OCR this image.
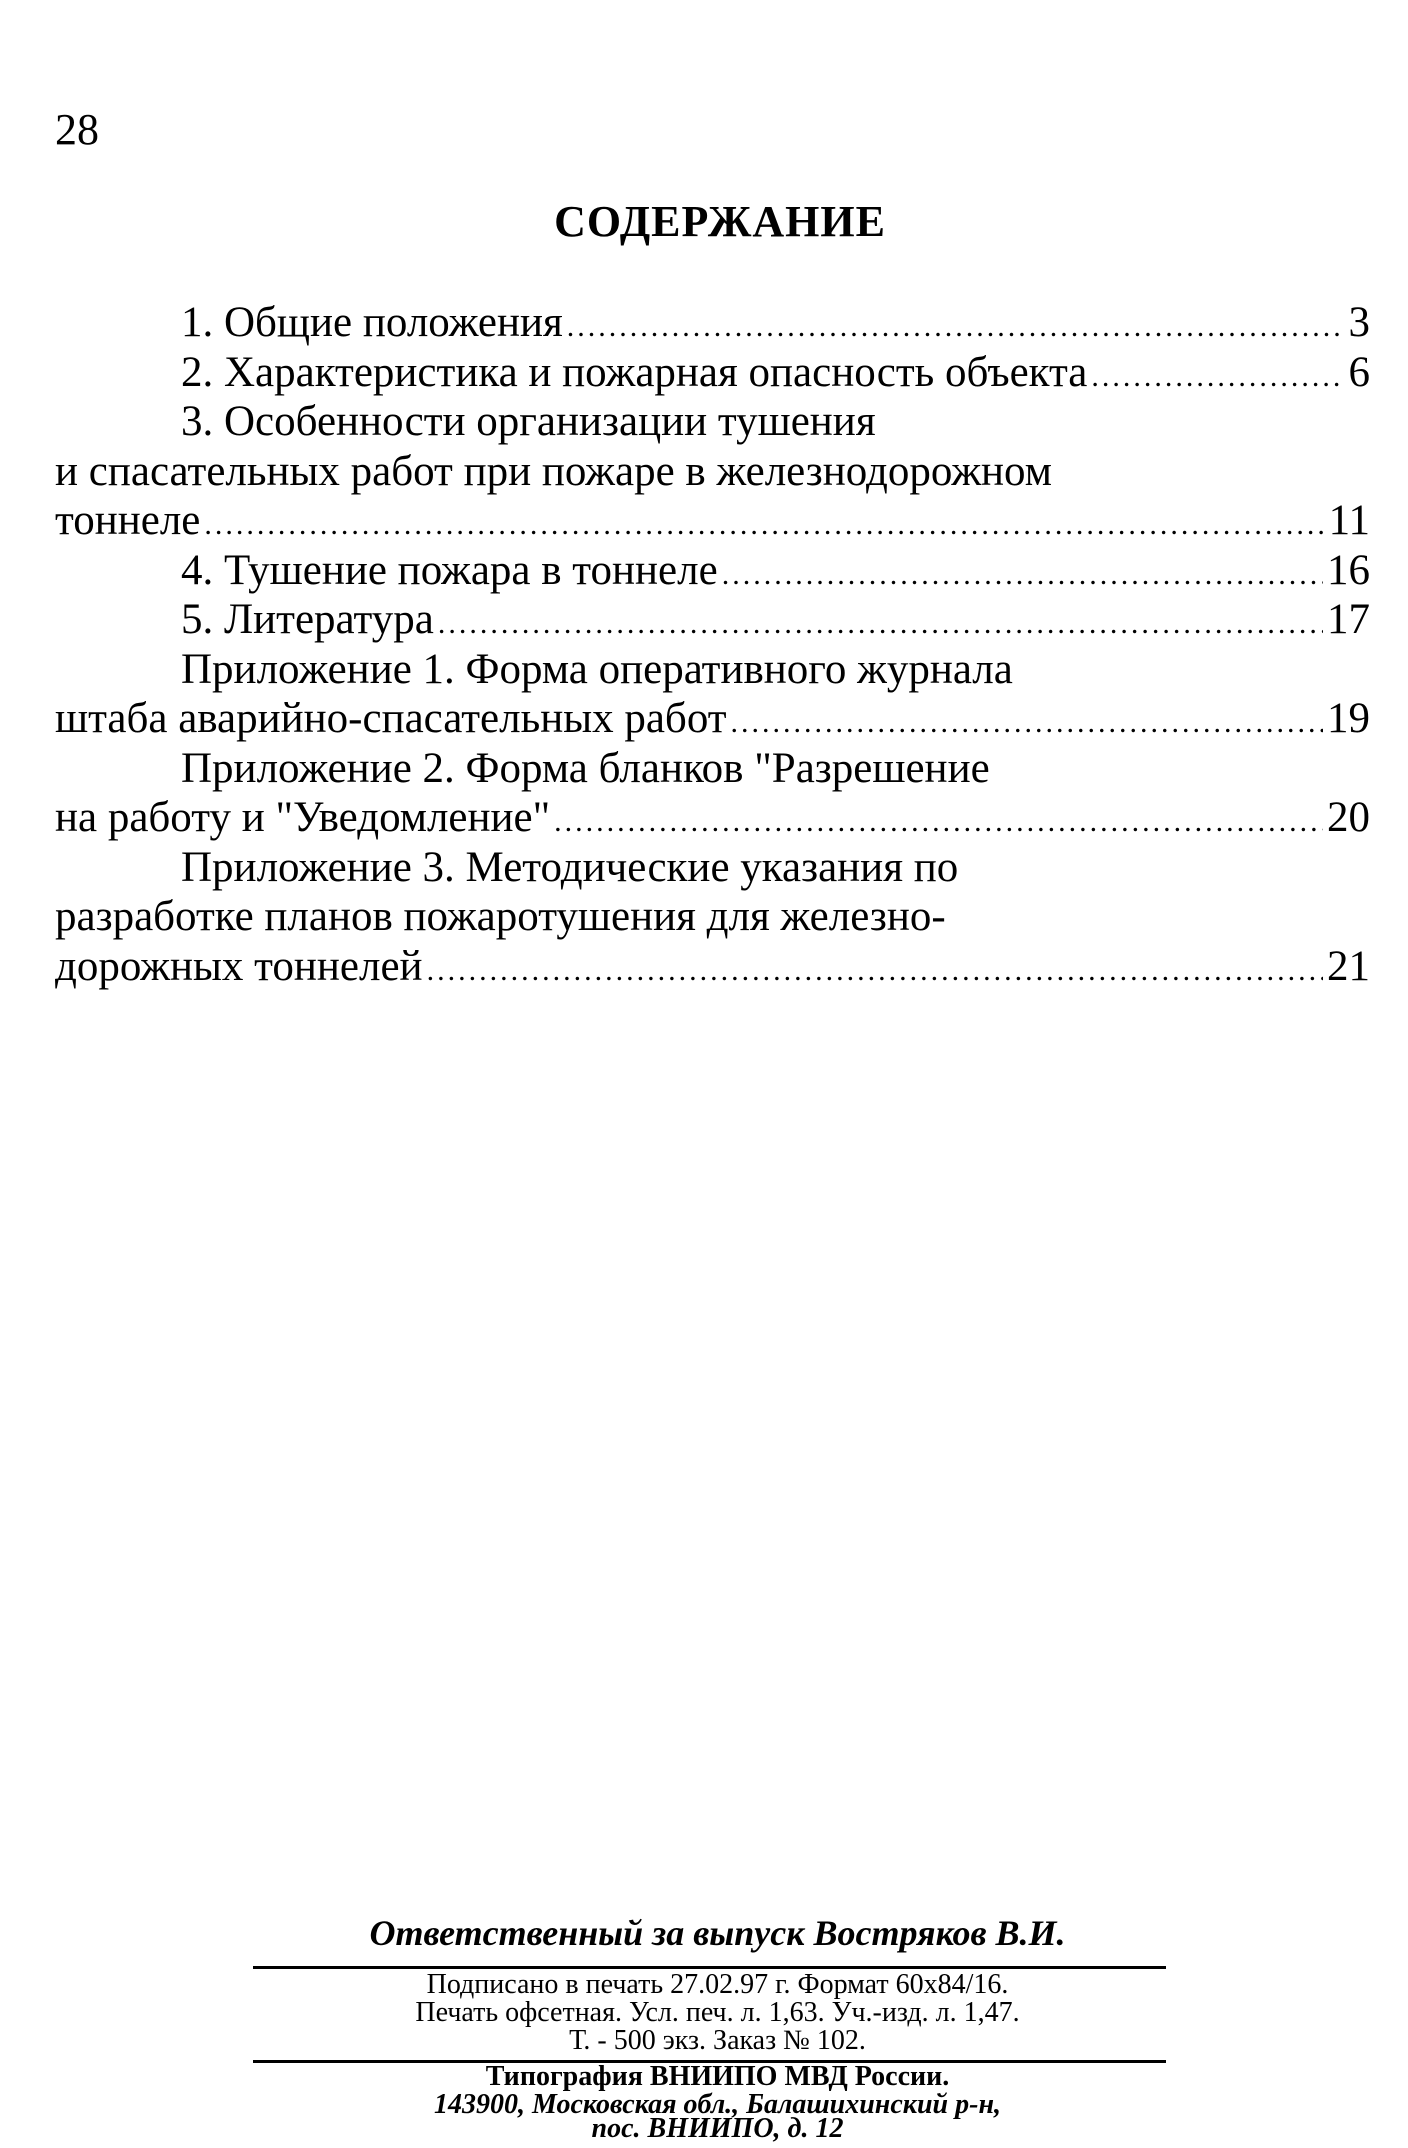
28
СОДЕРЖАНИЕ
1. Общие положения .....	3
2. Характеристика и пожарная опасность объекта .....	6
3. Особенности организации тушения
и спасательных работ при пожаре в железнодорожном
тоннеле .....	11
4. Тушение пожара в тоннеле .....	16
5. Литература .....	17
Приложение 1. Форма оперативного журнала
штаба аварийно-спасательных работ .....	19
Приложение 2. Форма бланков "Разрешение
на работу и "Уведомление" .....	20
Приложение 3. Методические указания по
разработке планов пожаротушения для железно-
дорожных тоннелей .....	21
Ответственный за выпуск Востряков В.И.
Подписано в печать 27.02.97 г. Формат 60x84/16.
Печать офсетная. Усл. печ. л. 1,63. Уч.-изд. л. 1,47.
Т. - 500 экз. Заказ № 102.
Типография ВНИИПО МВД России.
143900, Московская обл., Балашихинский р-н,
пос. ВНИИПО, д. 12
